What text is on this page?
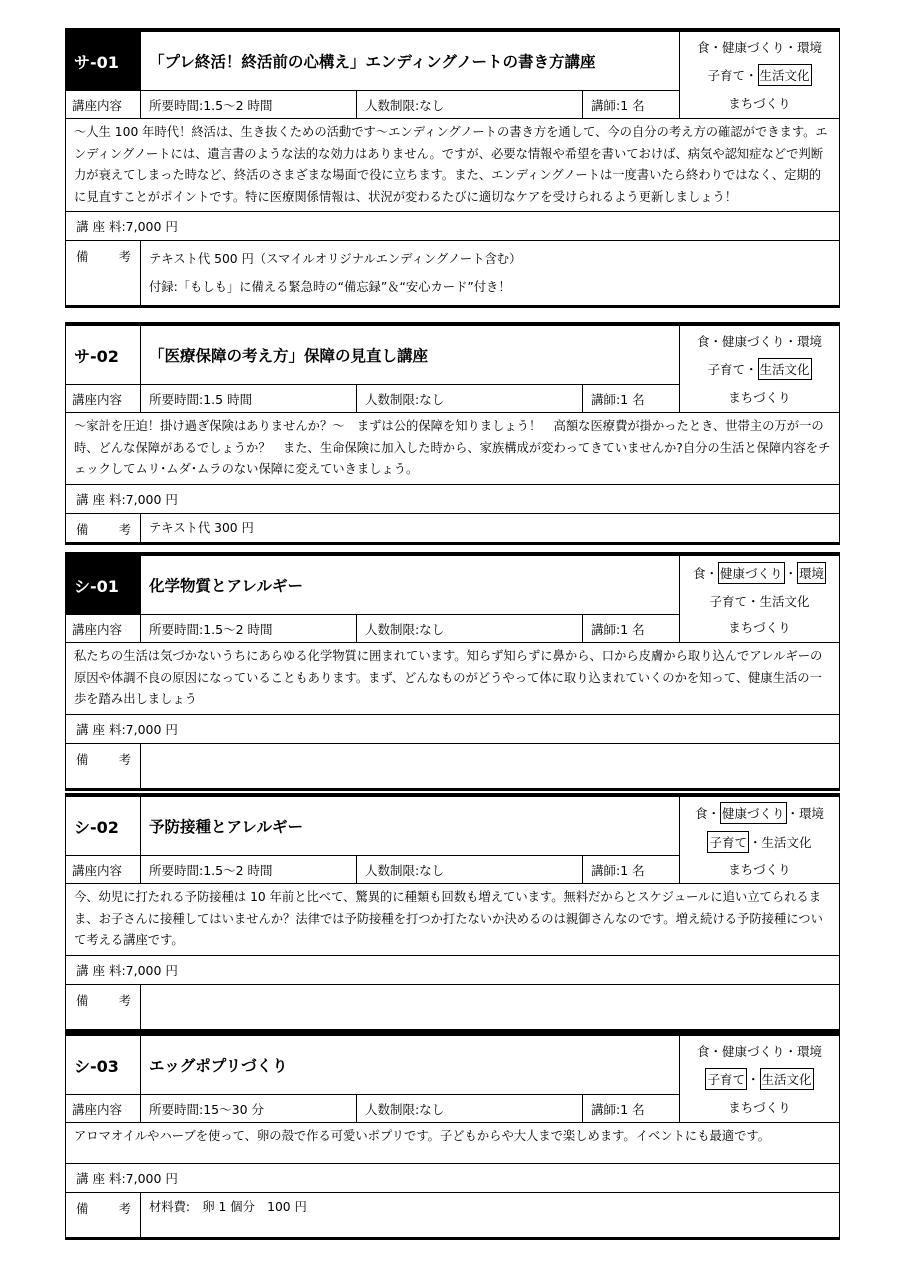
サ-01	「プレ終活！終活前の心構え」エンディングノートの書き方講座
講座内容	所要時間:1.5〜2 時間	人数制限:なし	講師:1 名
食・健康づくり・環境
子育て・ 生活文化
まちづくり
〜人生 100 年時代！終活は、生き抜くための活動です〜エンディングノートの書き方を通して、今の自分の考え方の確認ができます。エンディングノートには、遺言書のような法的な効力はありません。ですが、必要な情報や希望を書いておけば、病気や認知症などで判断力が衰えてしまった時など、終活のさまざまな場面で役に立ちます。また、エンディングノートは一度書いたら終わりではなく、定期的に見直すことがポイントです。特に医療関係情報は、状況が変わるたびに適切なケアを受けられるよう更新しましょう！
講 座 料: 7,000 円
備　　考	テキスト代 500 円（スマイルオリジナルエンディングノート含む）
付録:「もしも」に備える緊急時の“備忘録”＆“安心カード”付き！
サ-02	「医療保障の考え方」保障の見直し講座
講座内容	所要時間:1.5 時間	人数制限:なし	講師:1 名
食・健康づくり・環境
子育て・ 生活文化
まちづくり
〜家計を圧迫！掛け過ぎ保険はありませんか？〜　まずは公的保障を知りましょう！　高額な医療費が掛かったとき、世帯主の万が一の時、どんな保障があるでしょうか？　また、生命保険に加入した時から、家族構成が変わってきていませんか?自分の生活と保障内容をチェックしてムリ･ムダ･ムラのない保障に変えていきましょう。
講 座 料: 7,000 円
備　　考	テキスト代 300 円
シ-01	化学物質とアレルギー
講座内容	所要時間:1.5〜2 時間	人数制限:なし	講師:1 名
食・ 健康づくり ・ 環境
子育て・生活文化
まちづくり
私たちの生活は気づかないうちにあらゆる化学物質に囲まれています。知らず知らずに鼻から、口から皮膚から取り込んでアレルギーの原因や体調不良の原因になっていることもあります。まず、どんなものがどうやって体に取り込まれていくのかを知って、健康生活の一歩を踏み出しましょう
講 座 料: 7,000 円
備　　考
シ-02	予防接種とアレルギー
講座内容	所要時間:1.5〜2 時間	人数制限:なし	講師:1 名
食・ 健康づくり ・環境
子育て ・生活文化
まちづくり
今、幼児に打たれる予防接種は 10 年前と比べて、驚異的に種類も回数も増えています。無料だからとスケジュールに追い立てられるまま、お子さんに接種してはいませんか？法律では予防接種を打つか打たないか決めるのは親御さんなのです。増え続ける予防接種について考える講座です。
講 座 料: 7,000 円
備　　考
シ-03	エッグポプリづくり
講座内容	所要時間:15〜30 分	人数制限:なし	講師:1 名
食・健康づくり・環境
子育て ・ 生活文化
まちづくり
アロマオイルやハーブを使って、卵の殻で作る可愛いポプリです。子どもからや大人まで楽しめます。イベントにも最適です。
講 座 料: 7,000 円
備　　考	材料費:　卵 1 個分　100 円
